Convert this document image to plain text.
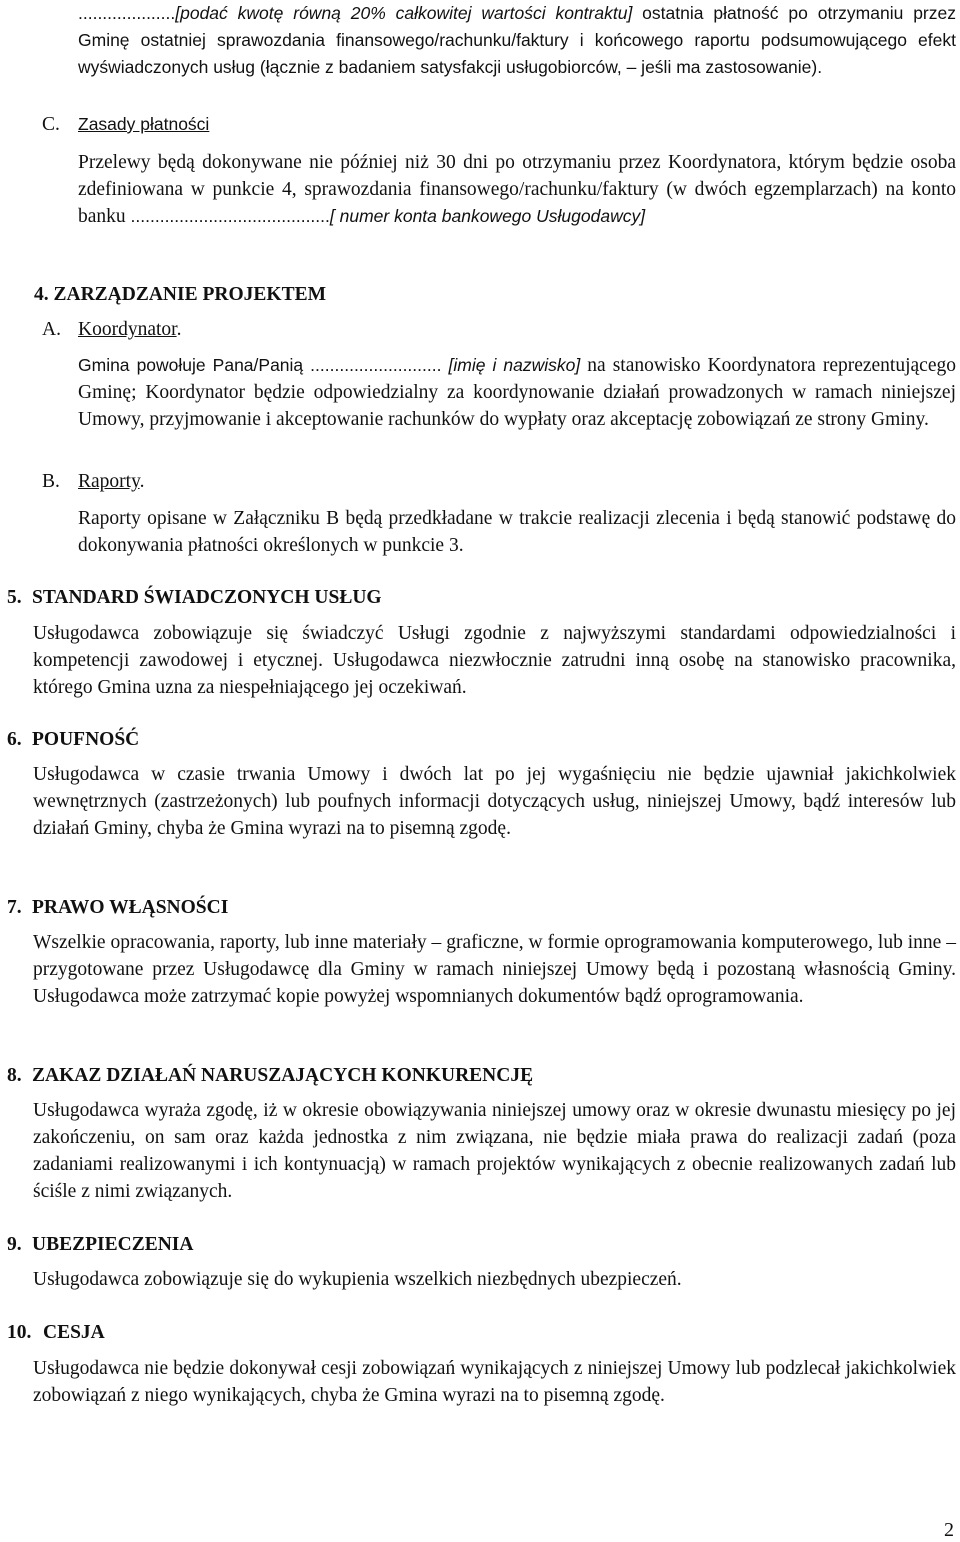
....................[podać kwotę równą 20% całkowitej wartości kontraktu] ostatnia płatność po otrzymaniu przez Gminę ostatniej sprawozdania finansowego/rachunku/faktury i końcowego raportu podsumowującego efekt wyświadczonych usług (łącznie z badaniem satysfakcji usługobiorców, – jeśli ma zastosowanie).
C. Zasady płatności
Przelewy będą dokonywane nie później niż 30 dni po otrzymaniu przez Koordynatora, którym będzie osoba zdefiniowana w punkcie 4, sprawozdania finansowego/rachunku/faktury (w dwóch egzemplarzach) na konto banku .........................................[ numer konta bankowego Usługodawcy]
4. ZARZĄDZANIE PROJEKTEM
A. Koordynator.
Gmina powołuje Pana/Panią ........................... [imię i nazwisko] na stanowisko Koordynatora reprezentującego Gminę; Koordynator będzie odpowiedzialny za koordynowanie działań prowadzonych w ramach niniejszej Umowy, przyjmowanie i akceptowanie rachunków do wypłaty oraz akceptację zobowiązań ze strony Gminy.
B. Raporty.
Raporty opisane w Załączniku B będą przedkładane w trakcie realizacji zlecenia i będą stanowić podstawę do dokonywania płatności określonych w punkcie 3.
5. STANDARD ŚWIADCZONYCH USŁUG
Usługodawca zobowiązuje się świadczyć Usługi zgodnie z najwyższymi standardami odpowiedzialności i kompetencji zawodowej i etycznej. Usługodawca niezwłocznie zatrudni inną osobę na stanowisko pracownika, którego Gmina uzna za niespełniającego jej oczekiwań.
6. POUFNOŚĆ
Usługodawca w czasie trwania Umowy i dwóch lat po jej wygaśnięciu nie będzie ujawniał jakichkolwiek wewnętrznych (zastrzeżonych) lub poufnych informacji dotyczących usług, niniejszej Umowy, bądź interesów lub działań Gminy, chyba że Gmina wyrazi na to pisemną zgodę.
7. PRAWO WŁĄSNOŚCI
Wszelkie opracowania, raporty, lub inne materiały – graficzne, w formie oprogramowania komputerowego, lub inne – przygotowane przez Usługodawcę dla Gminy w ramach niniejszej Umowy będą i pozostaną własnością Gminy. Usługodawca może zatrzymać kopie powyżej wspomnianych dokumentów bądź oprogramowania.
8. ZAKAZ DZIAŁAŃ NARUSZAJĄCYCH KONKURENCJĘ
Usługodawca wyraża zgodę, iż w okresie obowiązywania niniejszej umowy oraz w okresie dwunastu miesięcy po jej zakończeniu, on sam oraz każda jednostka z nim związana, nie będzie miała prawa do realizacji zadań (poza zadaniami realizowanymi i ich kontynuacją) w ramach projektów wynikających z obecnie realizowanych zadań lub ściśle z nimi związanych.
9. UBEZPIECZENIA
Usługodawca zobowiązuje się do wykupienia wszelkich niezbędnych ubezpieczeń.
10. CESJA
Usługodawca nie będzie dokonywał cesji zobowiązań wynikających z niniejszej Umowy lub podzlecał jakichkolwiek zobowiązań z niego wynikających, chyba że Gmina wyrazi na to pisemną zgodę.
2
